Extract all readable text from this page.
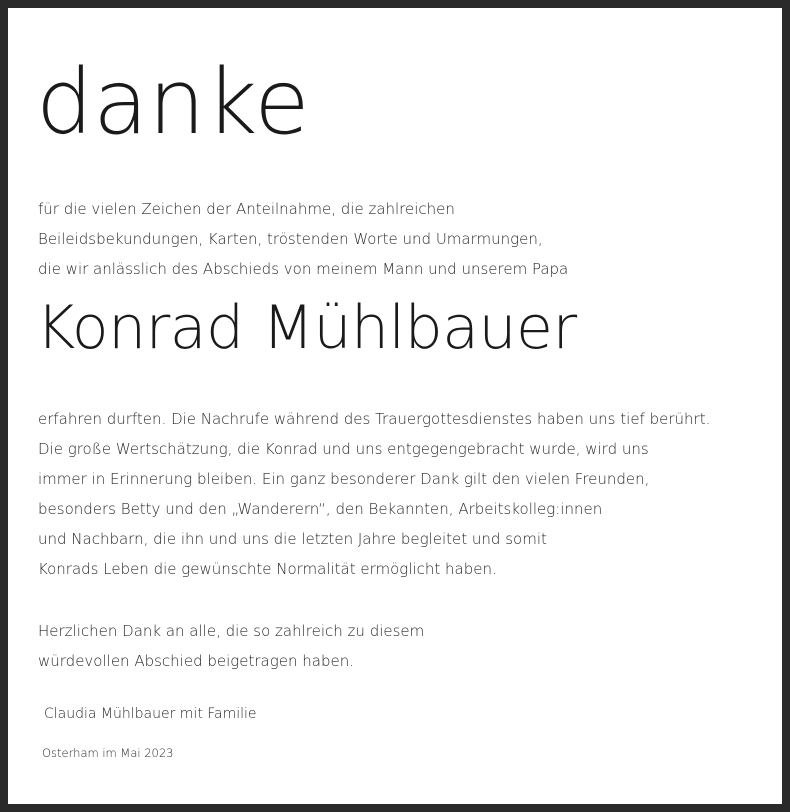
danke
für die vielen Zeichen der Anteilnahme, die zahlreichen
Beileidsbekundungen, Karten, tröstenden Worte und Umarmungen,
die wir anlässlich des Abschieds von meinem Mann und unserem Papa
Konrad Mühlbauer
erfahren durften. Die Nachrufe während des Trauergottesdienstes haben uns tief berührt.
Die große Wertschätzung, die Konrad und uns entgegengebracht wurde, wird uns
immer in Erinnerung bleiben. Ein ganz besonderer Dank gilt den vielen Freunden,
besonders Betty und den „Wanderern“, den Bekannten, Arbeitskolleg:innen
und Nachbarn, die ihn und uns die letzten Jahre begleitet und somit
Konrads Leben die gewünschte Normalität ermöglicht haben.
Herzlichen Dank an alle, die so zahlreich zu diesem
würdevollen Abschied beigetragen haben.
Claudia Mühlbauer mit Familie
Osterham im Mai 2023
